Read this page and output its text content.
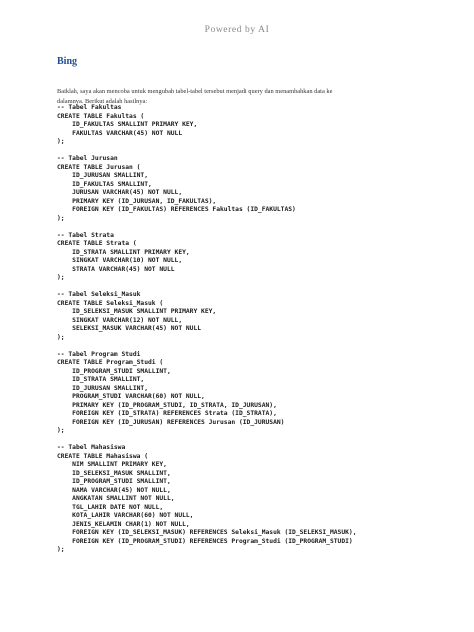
Powered by AI
Bing
Baiklah, saya akan mencoba untuk mengubah tabel-tabel tersebut menjadi query dan menambahkan data ke
dalamnya. Berikut adalah hasilnya:
-- Tabel Fakultas
CREATE TABLE Fakultas (
ID_FAKULTAS SMALLINT PRIMARY KEY,
FAKULTAS VARCHAR(45) NOT NULL
);

-- Tabel Jurusan
CREATE TABLE Jurusan (
ID_JURUSAN SMALLINT,
ID_FAKULTAS SMALLINT,
JURUSAN VARCHAR(45) NOT NULL,
PRIMARY KEY (ID_JURUSAN, ID_FAKULTAS),
FOREIGN KEY (ID_FAKULTAS) REFERENCES Fakultas (ID_FAKULTAS)
);

-- Tabel Strata
CREATE TABLE Strata (
ID_STRATA SMALLINT PRIMARY KEY,
SINGKAT VARCHAR(10) NOT NULL,
STRATA VARCHAR(45) NOT NULL
);

-- Tabel Seleksi_Masuk
CREATE TABLE Seleksi_Masuk (
ID_SELEKSI_MASUK SMALLINT PRIMARY KEY,
SINGKAT VARCHAR(12) NOT NULL,
SELEKSI_MASUK VARCHAR(45) NOT NULL
);

-- Tabel Program Studi
CREATE TABLE Program_Studi (
ID_PROGRAM_STUDI SMALLINT,
ID_STRATA SMALLINT,
ID_JURUSAN SMALLINT,
PROGRAM_STUDI VARCHAR(60) NOT NULL,
PRIMARY KEY (ID_PROGRAM_STUDI, ID_STRATA, ID_JURUSAN),
FOREIGN KEY (ID_STRATA) REFERENCES Strata (ID_STRATA),
FOREIGN KEY (ID_JURUSAN) REFERENCES Jurusan (ID_JURUSAN)
);

-- Tabel Mahasiswa
CREATE TABLE Mahasiswa (
NIM SMALLINT PRIMARY KEY,
ID_SELEKSI_MASUK SMALLINT,
ID_PROGRAM_STUDI SMALLINT,
NAMA VARCHAR(45) NOT NULL,
ANGKATAN SMALLINT NOT NULL,
TGL_LAHIR DATE NOT NULL,
KOTA_LAHIR VARCHAR(60) NOT NULL,
JENIS_KELAMIN CHAR(1) NOT NULL,
FOREIGN KEY (ID_SELEKSI_MASUK) REFERENCES Seleksi_Masuk (ID_SELEKSI_MASUK),
FOREIGN KEY (ID_PROGRAM_STUDI) REFERENCES Program_Studi (ID_PROGRAM_STUDI)
);
